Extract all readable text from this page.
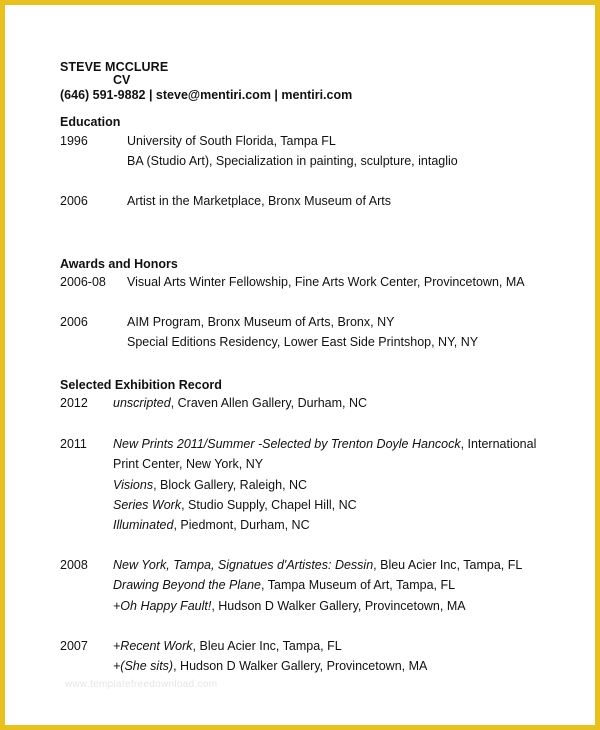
STEVE MCCLURE
CV
(646) 591-9882 | steve@mentiri.com | mentiri.com
Education
1996	University of South Florida, Tampa FL
BA (Studio Art), Specialization in painting, sculpture, intaglio
2006	Artist in the Marketplace, Bronx Museum of Arts
Awards and Honors
2006-08	Visual Arts Winter Fellowship, Fine Arts Work Center, Provincetown, MA
2006	AIM Program, Bronx Museum of Arts, Bronx, NY
Special Editions Residency, Lower East Side Printshop, NY, NY
Selected Exhibition Record
2012	unscripted, Craven Allen Gallery, Durham, NC
2011	New Prints 2011/Summer -Selected by Trenton Doyle Hancock, International Print Center, New York, NY
Visions, Block Gallery, Raleigh, NC
Series Work, Studio Supply, Chapel Hill, NC
Illuminated, Piedmont, Durham, NC
2008	New York, Tampa, Signatues d'Artistes: Dessin, Bleu Acier Inc, Tampa, FL
Drawing Beyond the Plane, Tampa Museum of Art, Tampa, FL
+Oh Happy Fault!, Hudson D Walker Gallery, Provincetown, MA
2007	+Recent Work, Bleu Acier Inc, Tampa, FL
+(She sits), Hudson D Walker Gallery, Provincetown, MA
www.templatefreedownload.com
